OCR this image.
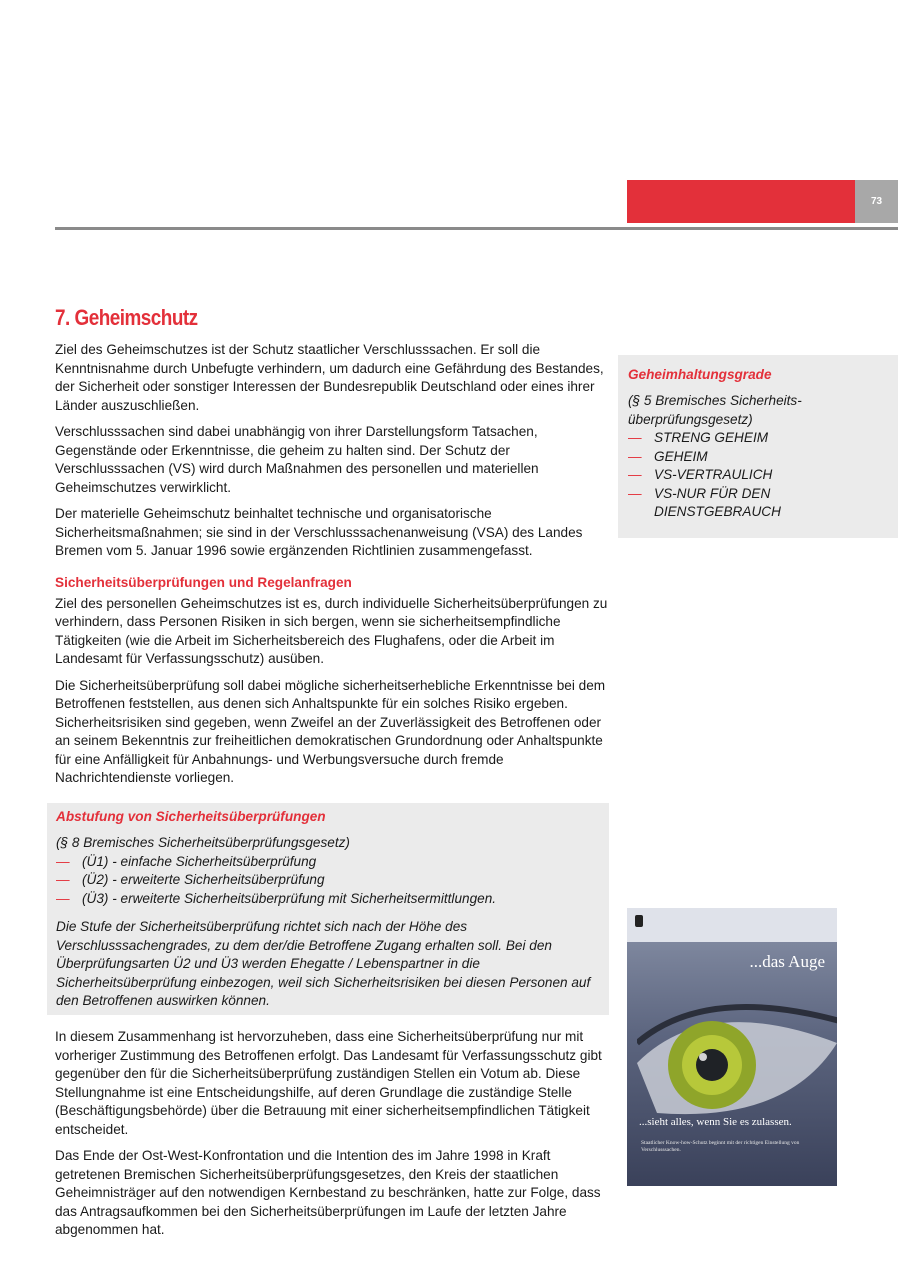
73
7. Geheimschutz

Ziel des Geheimschutzes ist der Schutz staatlicher Verschlusssachen. Er soll die Kenntnisnahme durch Unbefugte verhindern, um dadurch eine Gefährdung des Bestandes, der Sicherheit oder sonstiger Interessen der Bundesrepublik Deutschland oder eines ihrer Länder auszuschließen.

Verschlusssachen sind dabei unabhängig von ihrer Darstellungsform Tatsachen, Gegenstände oder Erkenntnisse, die geheim zu halten sind. Der Schutz der Verschlusssachen (VS) wird durch Maßnahmen des personellen und materiellen Geheimschutzes verwirklicht.

Der materielle Geheimschutz beinhaltet technische und organisatorische Sicherheitsmaßnahmen; sie sind in der Verschlusssachenanweisung (VSA) des Landes Bremen vom 5. Januar 1996 sowie ergänzenden Richtlinien zusammengefasst.

Sicherheitsüberprüfungen und Regelanfragen

Ziel des personellen Geheimschutzes ist es, durch individuelle Sicherheitsüberprüfungen zu verhindern, dass Personen Risiken in sich bergen, wenn sie sicherheitsempfindliche Tätigkeiten (wie die Arbeit im Sicherheitsbereich des Flughafens, oder die Arbeit im Landesamt für Verfassungsschutz) ausüben.

Die Sicherheitsüberprüfung soll dabei mögliche sicherheitserhebliche Erkenntnisse bei dem Betroffenen feststellen, aus denen sich Anhaltspunkte für ein solches Risiko ergeben. Sicherheitsrisiken sind gegeben, wenn Zweifel an der Zuverlässigkeit des Betroffenen oder an seinem Bekenntnis zur freiheitlichen demokratischen Grundordnung oder Anhaltspunkte für eine Anfälligkeit für Anbahnungs- und Werbungsversuche durch fremde Nachrichtendienste vorliegen.

Abstufung von Sicherheitsüberprüfungen

(§ 8 Bremisches Sicherheitsüberprüfungsgesetz)

— (Ü1) - einfache Sicherheitsüberprüfung
— (Ü2) - erweiterte Sicherheitsüberprüfung
— (Ü3) - erweiterte Sicherheitsüberprüfung mit Sicherheitsermittlungen.

Die Stufe der Sicherheitsüberprüfung richtet sich nach der Höhe des Verschlusssachengrades, zu dem der/die Betroffene Zugang erhalten soll. Bei den Überprüfungsarten Ü2 und Ü3 werden Ehegatte / Lebenspartner in die Sicherheitsüberprüfung einbezogen, weil sich Sicherheitsrisiken bei diesen Personen auf den Betroffenen auswirken können.

In diesem Zusammenhang ist hervorzuheben, dass eine Sicherheitsüberprüfung nur mit vorheriger Zustimmung des Betroffenen erfolgt. Das Landesamt für Verfassungsschutz gibt gegenüber den für die Sicherheitsüberprüfung zuständigen Stellen ein Votum ab. Diese Stellungnahme ist eine Entscheidungshilfe, auf deren Grundlage die zuständige Stelle (Beschäftigungsbehörde) über die Betrauung mit einer sicherheitsempfindlichen Tätigkeit entscheidet.

Das Ende der Ost-West-Konfrontation und die Intention des im Jahre 1998 in Kraft getretenen Bremischen Sicherheitsüberprüfungsgesetzes, den Kreis der staatlichen Geheimnisträger auf den notwendigen Kernbestand zu beschränken, hatte zur Folge, dass das Antragsaufkommen bei den Sicherheitsüberprüfungen im Laufe der letzten Jahre abgenommen hat.

Geheimhaltungsgrade

(§ 5 Bremisches Sicherheits-

überprüfungsgesetz)

— STRENG GEHEIM
— GEHEIM
— VS-VERTRAULICH
— VS-NUR FÜR DEN
DIENSTGEBRAUCH
...das Auge
...sieht alles, wenn Sie es zulassen.
Staatlicher Know-how-Schutz beginnt mit der richtigen Einstellung von Verschlusssachen.
